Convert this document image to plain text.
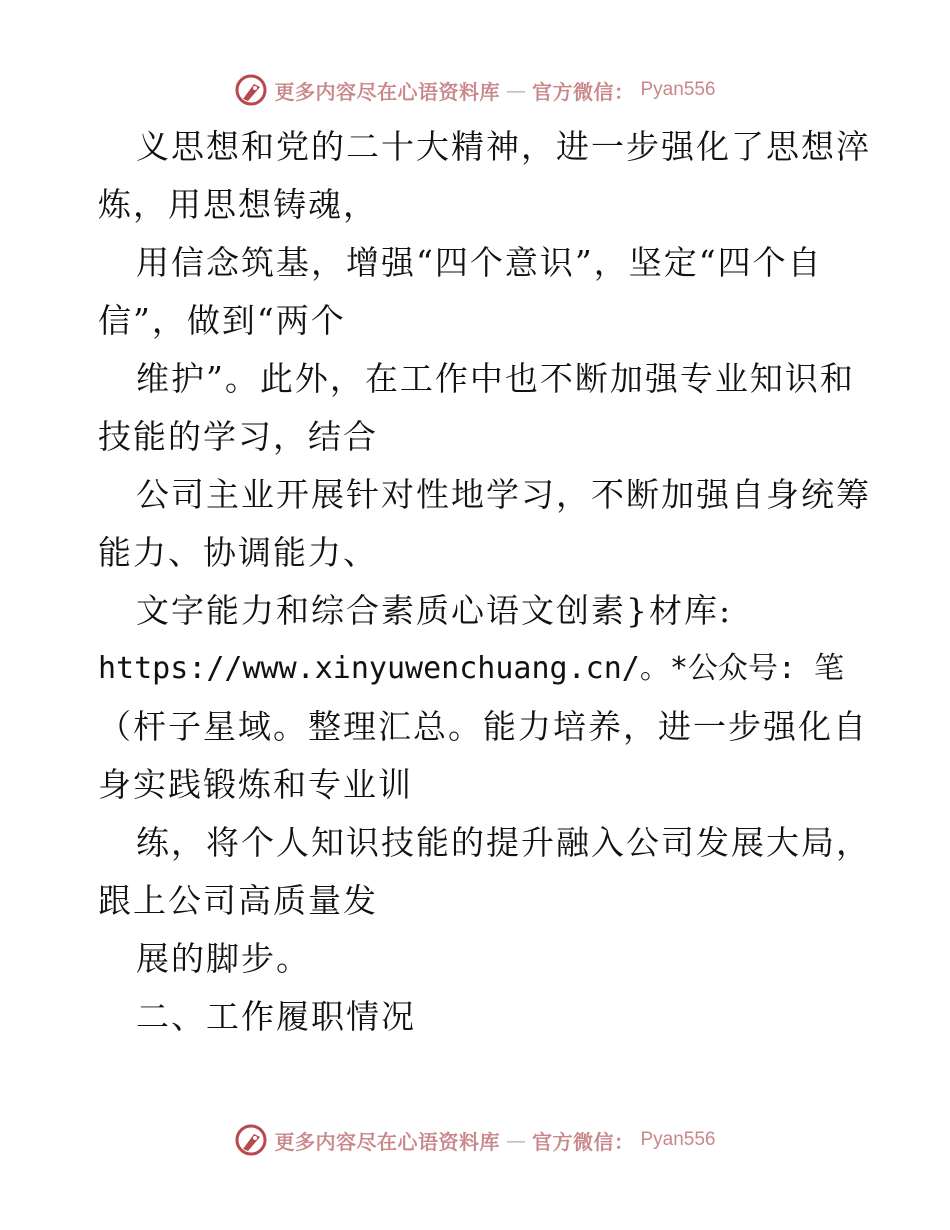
更多内容尽在心语资料库 — 官方微信： Pyan556
义思想和党的二十大精神，进一步强化了思想淬
炼，用思想铸魂，
用信念筑基，增强“四个意识”，坚定“四个自
信”，做到“两个
维护”。此外，在工作中也不断加强专业知识和
技能的学习，结合
公司主业开展针对性地学习，不断加强自身统筹
能力、协调能力、
文字能力和综合素质心语文创素}材库:
https://www.xinyuwenchuang.cn/。*公众号: 笔
（杆子星域。整理汇总。能力培养，进一步强化自
身实践锻炼和专业训
练，将个人知识技能的提升融入公司发展大局，
跟上公司高质量发
展的脚步。
二、工作履职情况
更多内容尽在心语资料库 — 官方微信： Pyan556
